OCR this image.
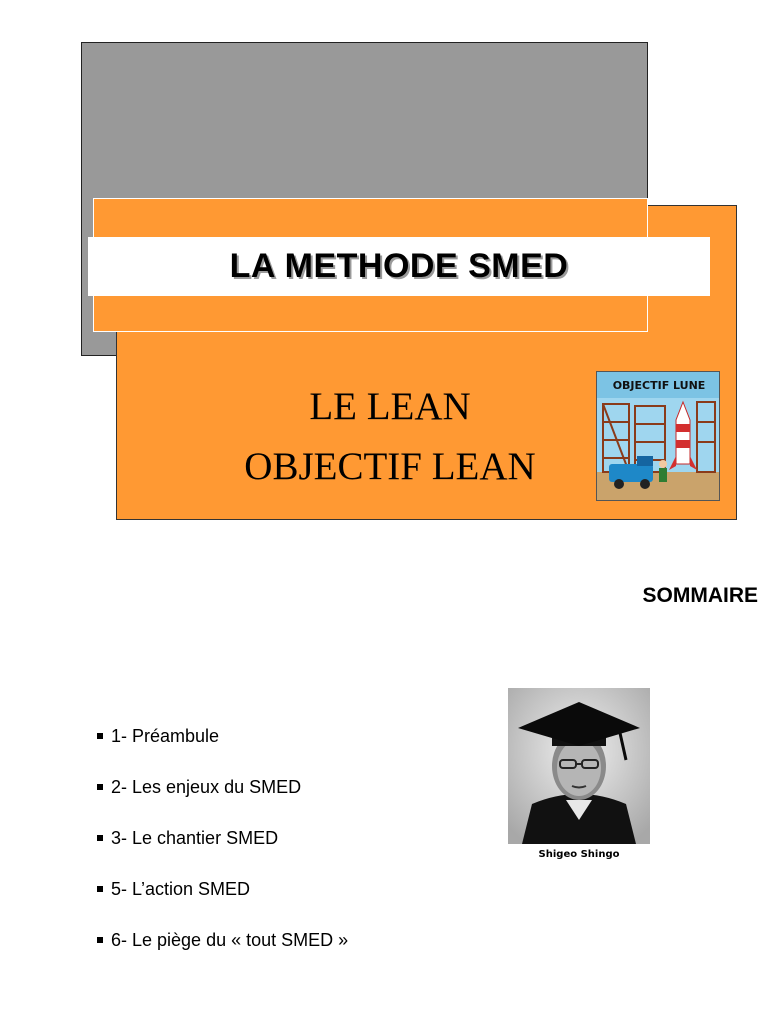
LA METHODE SMED
LE LEAN
OBJECTIF LEAN
OBJECTIF LUNE
SOMMAIRE
1- Préambule
2- Les enjeux du SMED
3- Le chantier SMED
5- L’action SMED
6- Le piège du « tout SMED »
Shigeo Shingo
